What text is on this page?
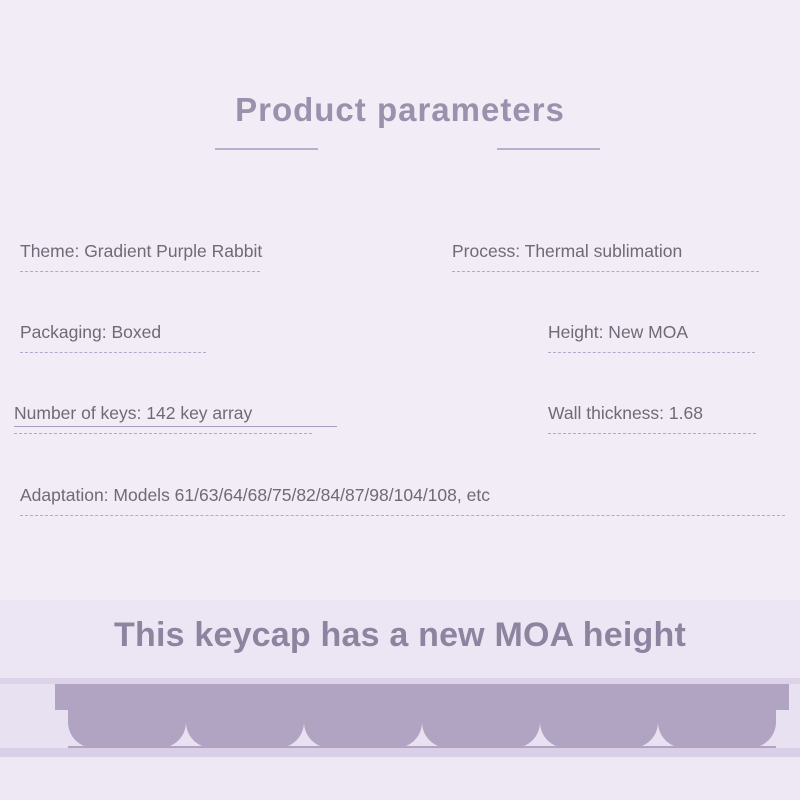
Product parameters
Theme: Gradient Purple Rabbit	Process: Thermal sublimation
Packaging: Boxed	Height: New MOA
Number of keys: 142 key array	Wall thickness: 1.68
Adaptation: Models 61/63/64/68/75/82/84/87/98/104/108, etc
This keycap has a new MOA height
